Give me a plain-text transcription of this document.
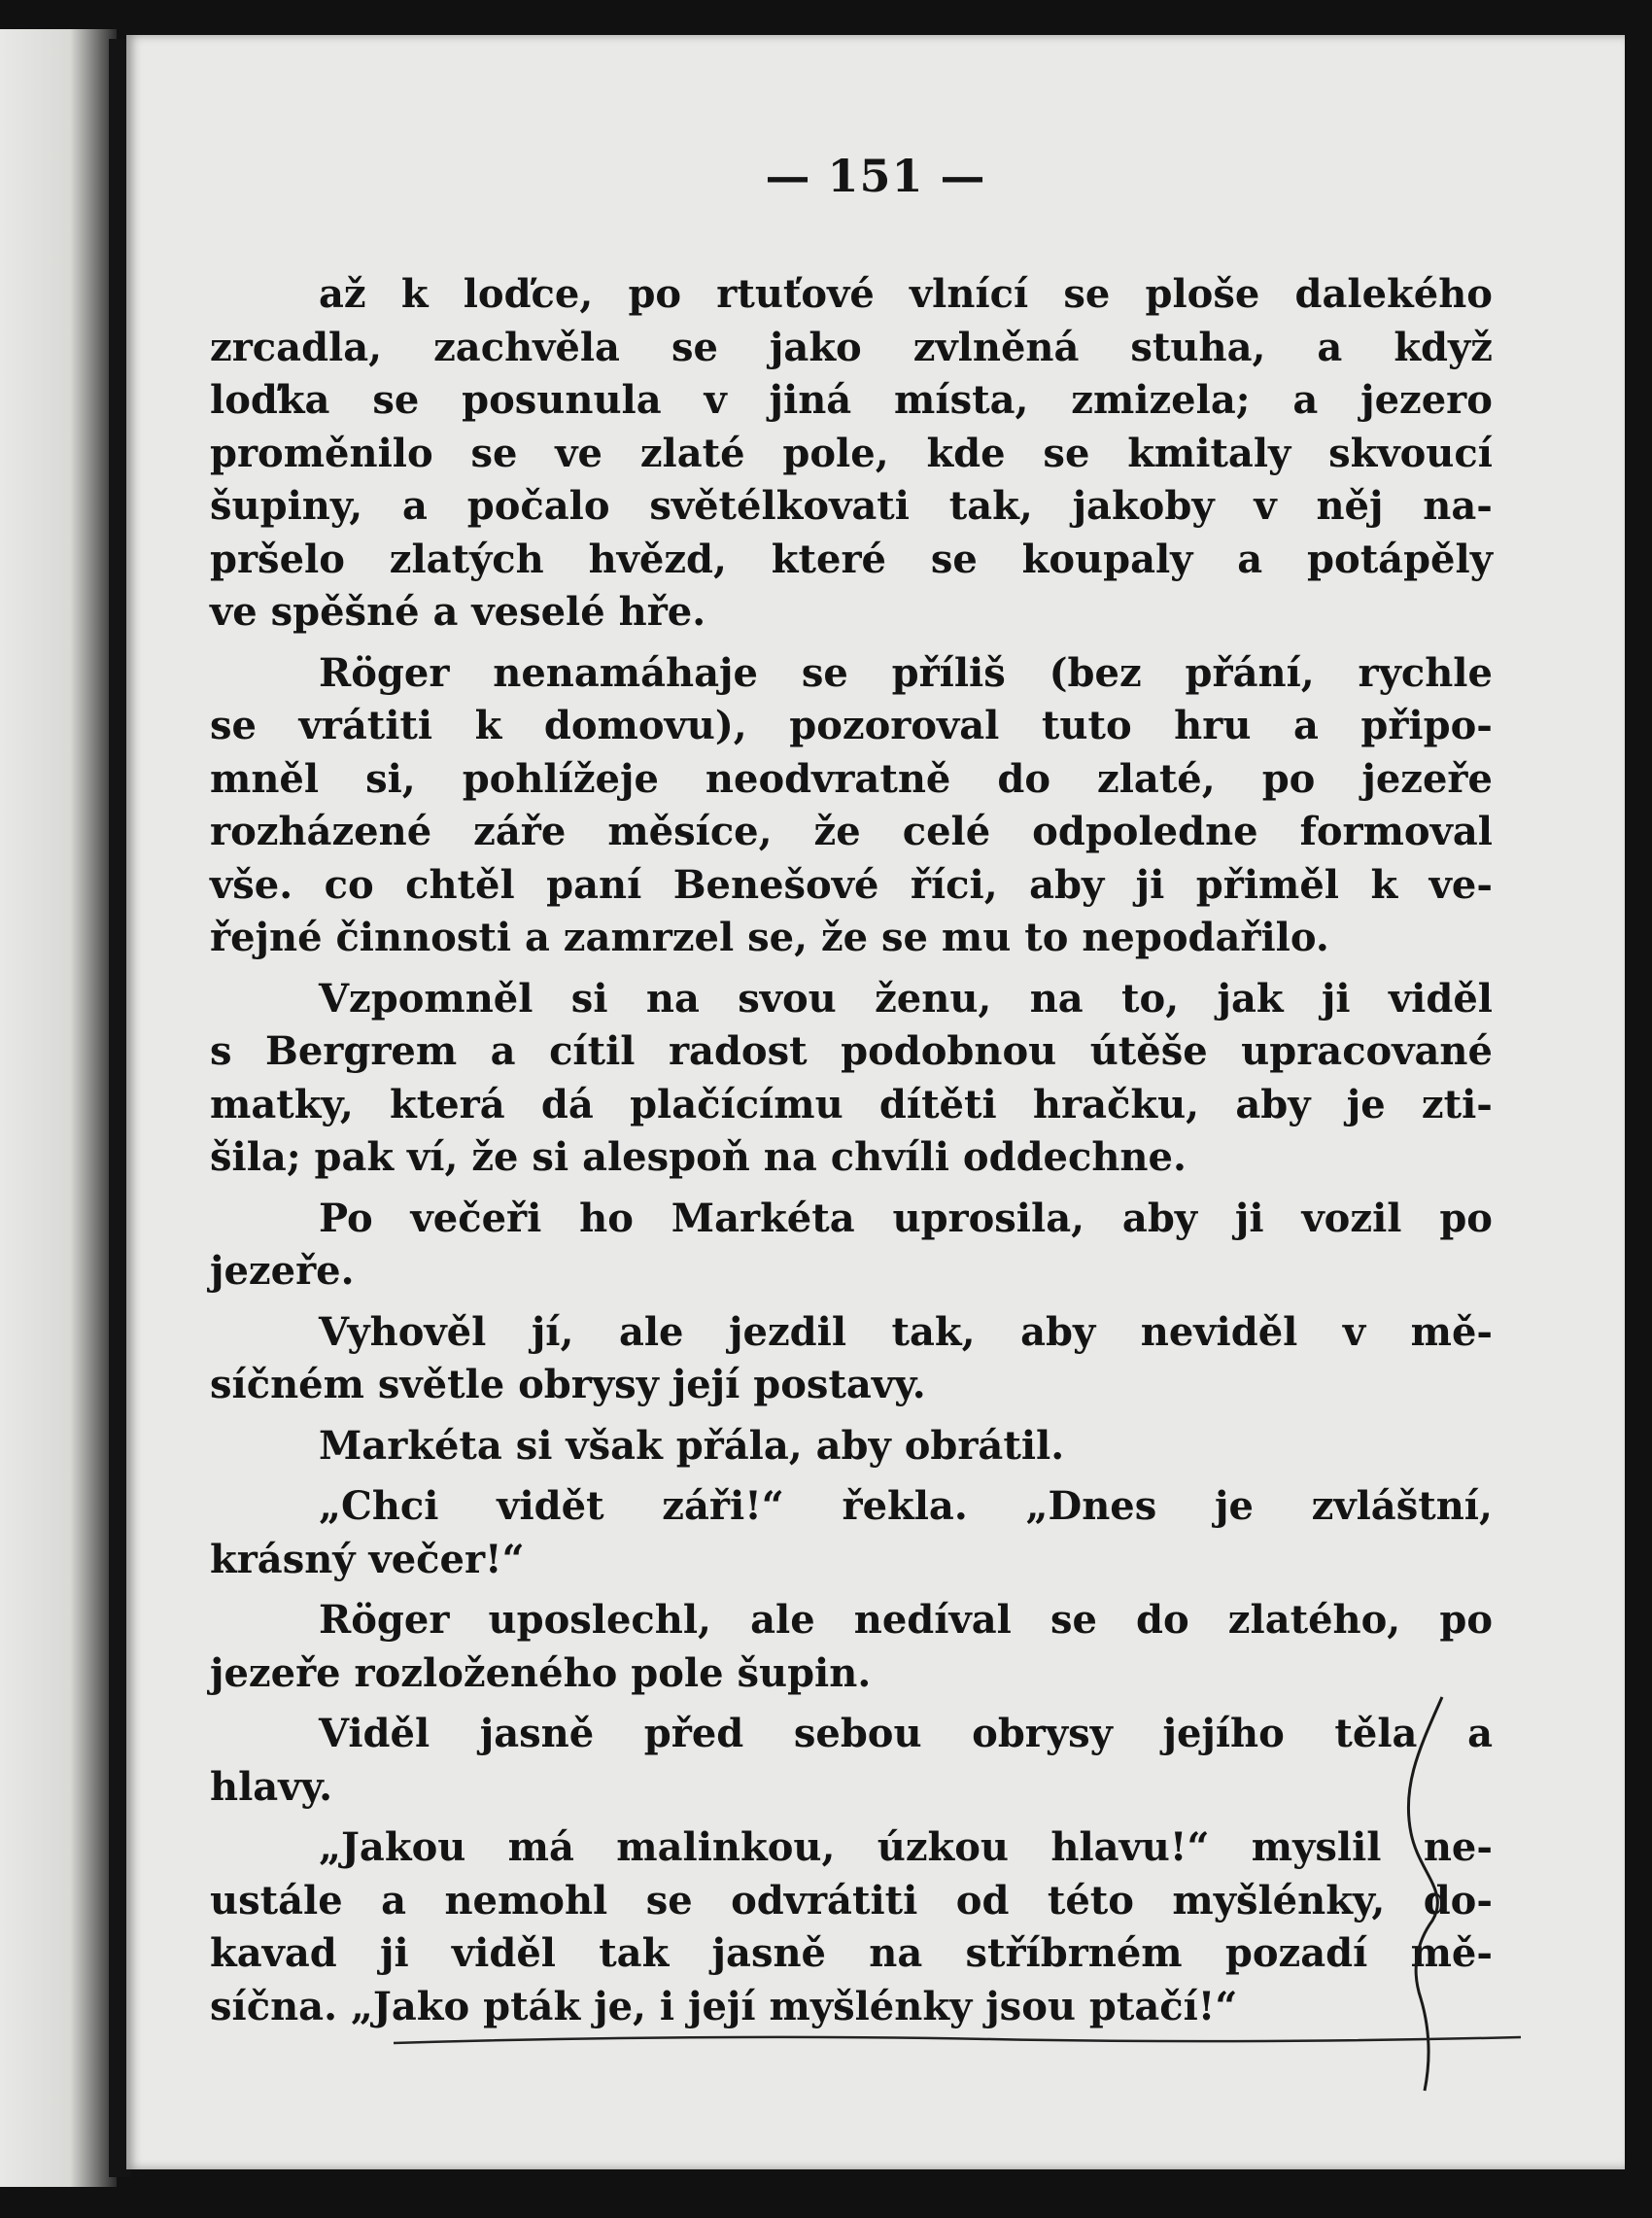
— 151 —
až k loďce, po rtuťové vlnící se ploše dalekého
zrcadla, zachvěla se jako zvlněná stuha, a když
loďka se posunula v jiná místa, zmizela; a jezero
proměnilo se ve zlaté pole, kde se kmitaly skvoucí
šupiny, a počalo světélkovati tak, jakoby v něj na-
pršelo zlatých hvězd, které se koupaly a potápěly
ve spěšné a veselé hře.
Röger nenamáhaje se příliš (bez přání, rychle
se vrátiti k domovu), pozoroval tuto hru a připo-
mněl si, pohlížeje neodvratně do zlaté, po jezeře
rozházené záře měsíce, že celé odpoledne formoval
vše. co chtěl paní Benešové říci, aby ji přiměl k ve-
řejné činnosti a zamrzel se, že se mu to nepodařilo.
Vzpomněl si na svou ženu, na to, jak ji viděl
s Bergrem a cítil radost podobnou útěše upracované
matky, která dá plačícímu dítěti hračku, aby je zti-
šila; pak ví, že si alespoň na chvíli oddechne.
Po večeři ho Markéta uprosila, aby ji vozil po
jezeře.
Vyhověl jí, ale jezdil tak, aby neviděl v mě-
síčném světle obrysy její postavy.
Markéta si však přála, aby obrátil.
„Chci vidět záři!“ řekla. „Dnes je zvláštní,
krásný večer!“
Röger uposlechl, ale nedíval se do zlatého, po
jezeře rozloženého pole šupin.
Viděl jasně před sebou obrysy jejího těla a
hlavy.
„Jakou má malinkou, úzkou hlavu!“ myslil ne-
ustále a nemohl se odvrátiti od této myšlénky, do-
kavad ji viděl tak jasně na stříbrném pozadí mě-
síčna. „Jako pták je, i její myšlénky jsou ptačí!“
